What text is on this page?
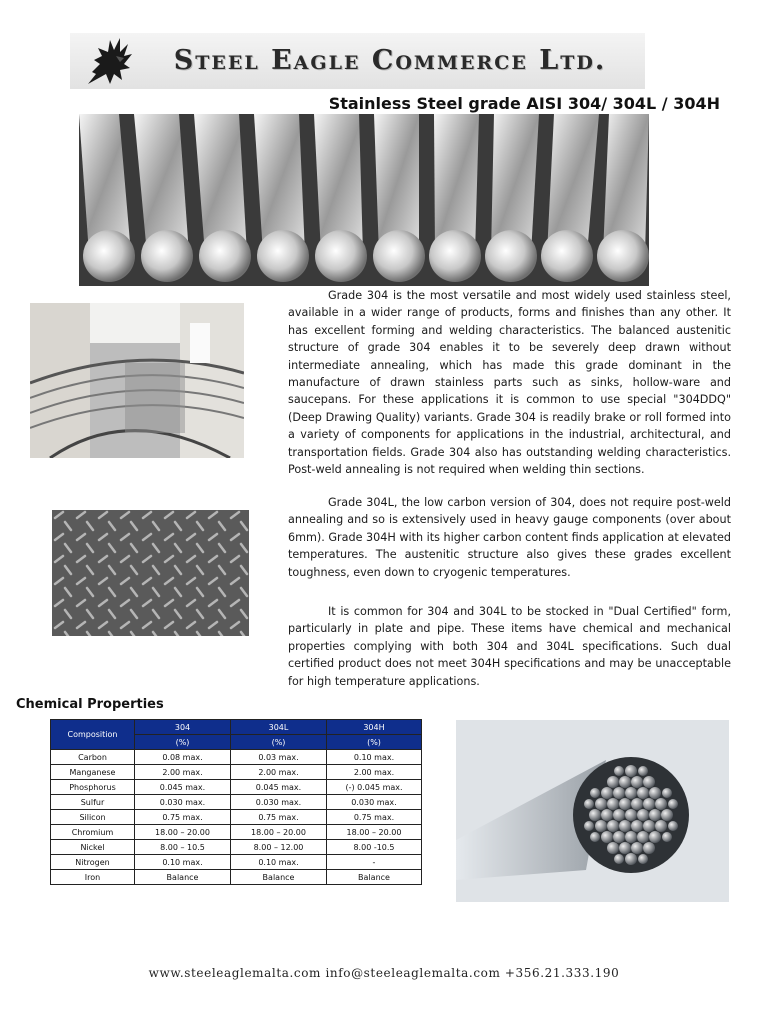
Steel Eagle Commerce Ltd.
Stainless Steel grade AISI 304/ 304L / 304H
Grade 304 is the most versatile and most widely used stainless steel, available in a wider range of products, forms and finishes than any other. It has excellent forming and welding characteristics. The balanced austenitic structure of grade 304 enables it to be severely deep drawn without intermediate annealing, which has made this grade dominant in the manufacture of drawn stainless parts such as sinks, hollow-ware and saucepans. For these applications it is common to use special "304DDQ" (Deep Drawing Quality) variants. Grade 304 is readily brake or roll formed into a variety of components for applications in the industrial, architectural, and transportation fields. Grade 304 also has outstanding welding characteristics. Post-weld annealing is not required when welding thin sections.
Grade 304L, the low carbon version of 304, does not require post-weld annealing and so is extensively used in heavy gauge components (over about 6mm). Grade 304H with its higher carbon content finds application at elevated temperatures. The austenitic structure also gives these grades excellent toughness, even down to cryogenic temperatures.
It is common for 304 and 304L to be stocked in "Dual Certified" form, particularly in plate and pipe. These items have chemical and mechanical properties complying with both 304 and 304L specifications. Such dual certified product does not meet 304H specifications and may be unacceptable for high temperature applications.
Chemical Properties
Composition	304	304L	304H
	(%)	(%)	(%)
Carbon	0.08 max.	0.03 max.	0.10 max.
Manganese	2.00 max.	2.00 max.	2.00 max.
Phosphorus	0.045 max.	0.045 max.	(-) 0.045 max.
Sulfur	0.030 max.	0.030 max.	0.030 max.
Silicon	0.75 max.	0.75 max.	0.75 max.
Chromium	18.00 – 20.00	18.00 – 20.00	18.00 – 20.00
Nickel	8.00 – 10.5	8.00 – 12.00	8.00 -10.5
Nitrogen	0.10 max.	0.10 max.	-
Iron	Balance	Balance	Balance
www.steeleaglemalta.com info@steeleaglemalta.com +356.21.333.190
